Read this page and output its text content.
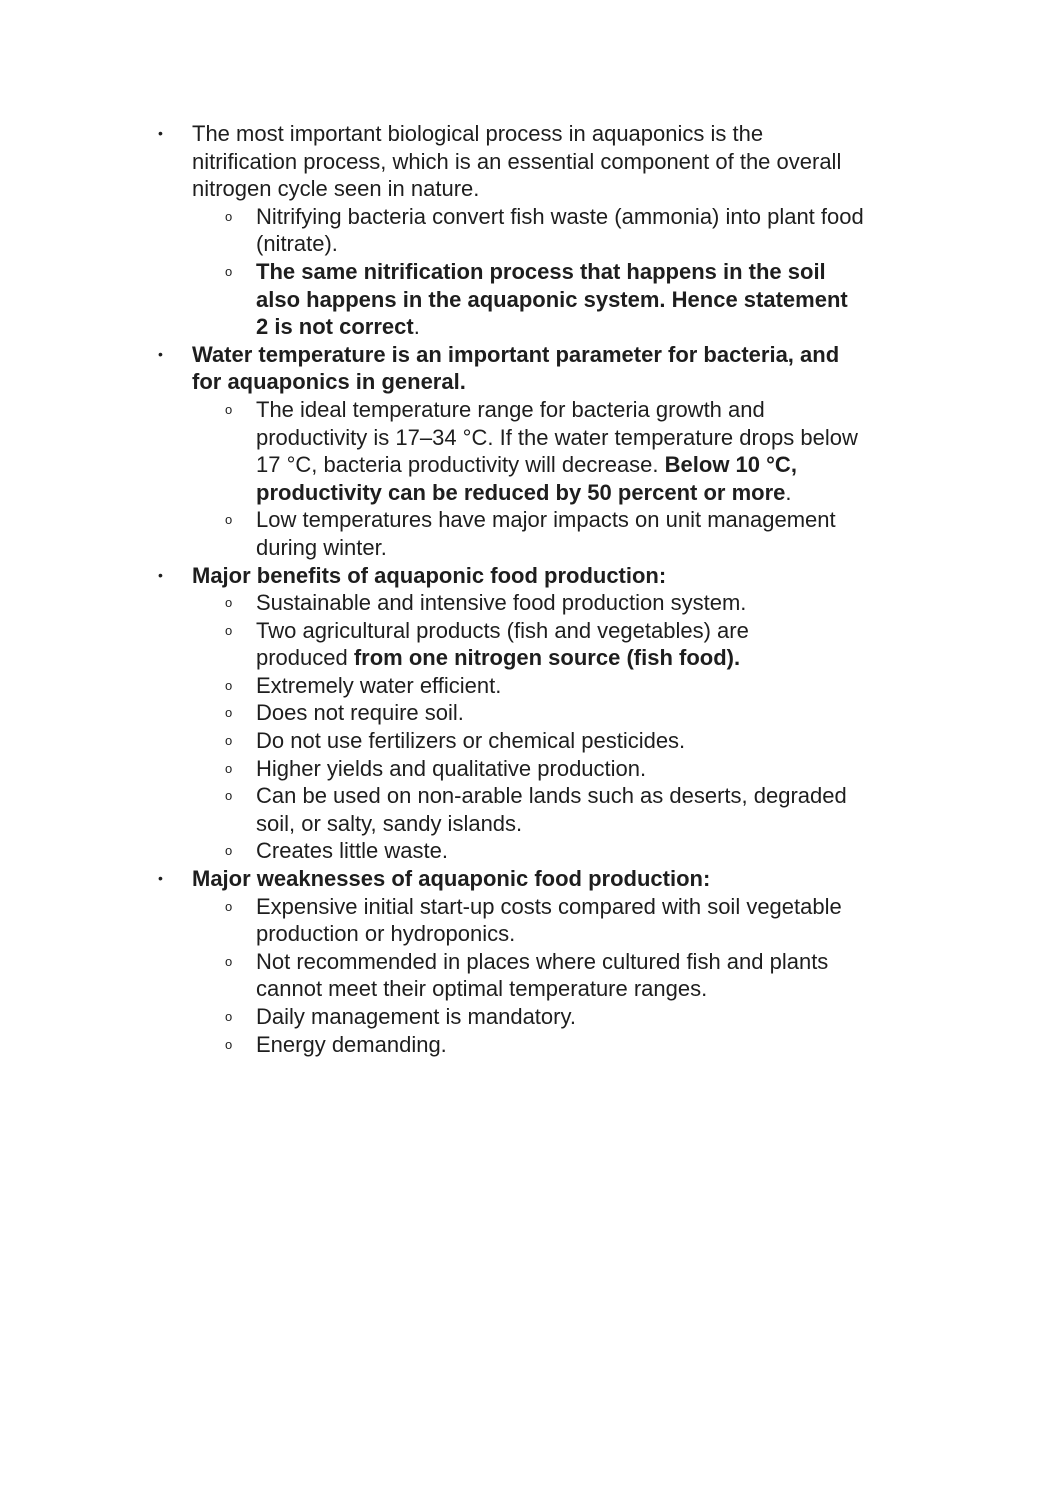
• The most important biological process in aquaponics is the
nitrification process, which is an essential component of the overall
nitrogen cycle seen in nature.
o Nitrifying bacteria convert fish waste (ammonia) into plant food
(nitrate).
o The same nitrification process that happens in the soil
also happens in the aquaponic system. Hence statement
2 is not correct.
• Water temperature is an important parameter for bacteria, and
for aquaponics in general.
o The ideal temperature range for bacteria growth and
productivity is 17–34 °C. If the water temperature drops below
17 °C, bacteria productivity will decrease. Below 10 °C,
productivity can be reduced by 50 percent or more.
o Low temperatures have major impacts on unit management
during winter.
• Major benefits of aquaponic food production:
o Sustainable and intensive food production system.
o Two agricultural products (fish and vegetables) are
produced from one nitrogen source (fish food).
o Extremely water efficient.
o Does not require soil.
o Do not use fertilizers or chemical pesticides.
o Higher yields and qualitative production.
o Can be used on non-arable lands such as deserts, degraded
soil, or salty, sandy islands.
o Creates little waste.
• Major weaknesses of aquaponic food production:
o Expensive initial start-up costs compared with soil vegetable
production or hydroponics.
o Not recommended in places where cultured fish and plants
cannot meet their optimal temperature ranges.
o Daily management is mandatory.
o Energy demanding.
